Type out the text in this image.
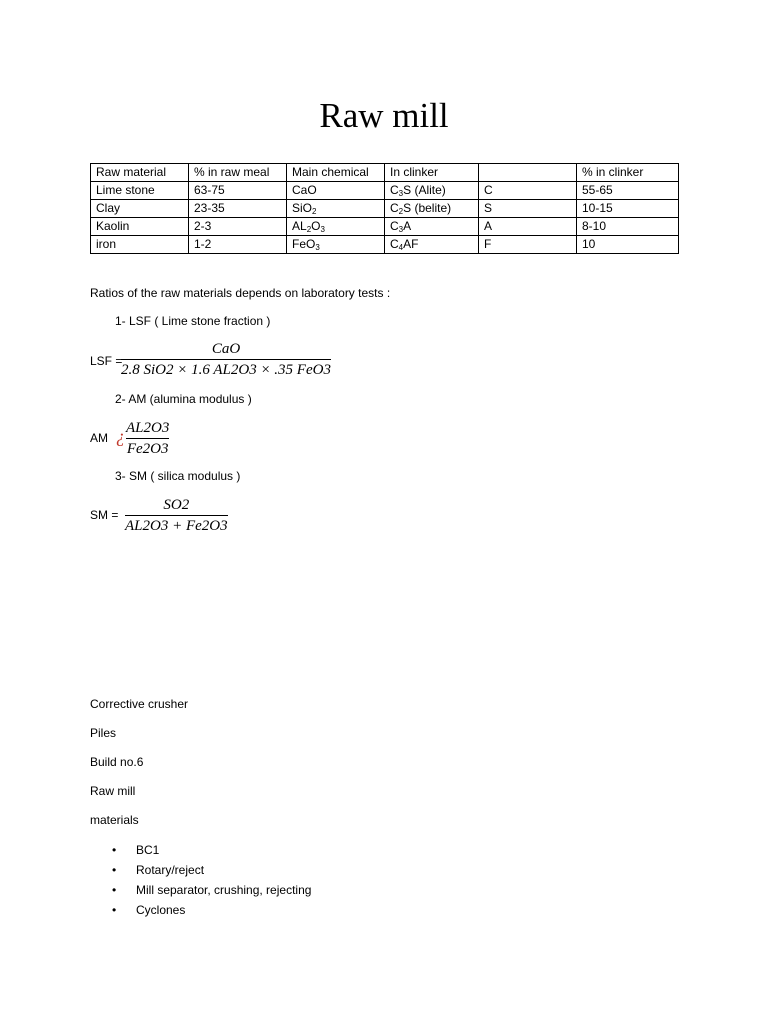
Raw mill
Raw material	% in raw meal	Main chemical	In clinker		% in clinker
Lime stone	63-75	CaO	$C_3S$ (Alite)	C	55-65
Clay	23-35	SiO$_2$	$C_2S$ (belite)	S	10-15
Kaolin	2-3	$AL_2O_3$	$C_3A$	A	8-10
iron	1-2	FeO$_3$	$C_4AF$	F	10
Ratios of the raw materials depends on laboratory tests :
1- LSF ( Lime stone fraction )
LSF =
CaO
2.8 SiO2 × 1.6 AL2O3 × .35 FeO3
2- AM (alumina modulus )
AM ¿ AL2O3
Fe2O3
3- SM ( silica modulus )
SM =
SO2
AL2O3 + Fe2O3
Corrective crusher
Piles
Build no.6
Raw mill
materials
• BC1
• Rotary/reject
• Mill separator, crushing, rejecting
• Cyclones
